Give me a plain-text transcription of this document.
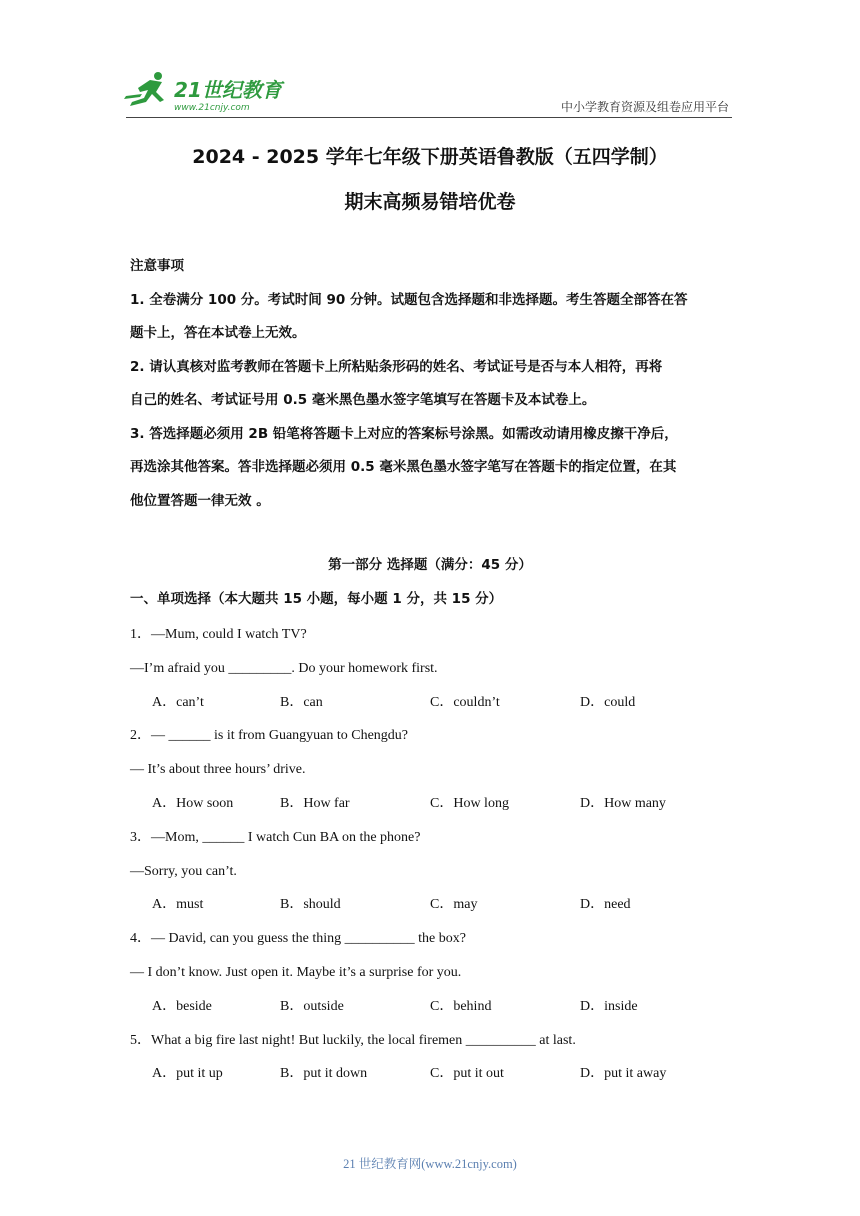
21世纪教育
www.21cnjy.com	中小学教育资源及组卷应用平台
2024 - 2025 学年七年级下册英语鲁教版（五四学制）
期末高频易错培优卷

注意事项

1. 全卷满分 100 分。考试时间 90 分钟。试题包含选择题和非选择题。考生答题全部答在答

题卡上，答在本试卷上无效。

2. 请认真核对监考教师在答题卡上所粘贴条形码的姓名、考试证号是否与本人相符，再将

自己的姓名、考试证号用 0.5 毫米黑色墨水签字笔填写在答题卡及本试卷上。

3. 答选择题必须用 2B 铅笔将答题卡上对应的答案标号涂黑。如需改动请用橡皮擦干净后，

再选涂其他答案。答非选择题必须用 0.5 毫米黑色墨水签字笔写在答题卡的指定位置，在其

他位置答题一律无效 。

第一部分 选择题（满分：45 分）
一、单项选择（本大题共 15 小题，每小题 1 分，共 15 分）
1．—Mum, could I watch TV?
—I’m afraid you _________. Do your homework first.
A．can’t	B．can	C．couldn’t	D．could
2．— ______ is it from Guangyuan to Chengdu?
— It’s about three hours’ drive.
A．How soon	B．How far	C．How long	D．How many
3．—Mom, ______ I watch Cun BA on the phone?
—Sorry, you can’t.
A．must	B．should	C．may	D．need
4．— David, can you guess the thing __________ the box?
— I don’t know. Just open it. Maybe it’s a surprise for you.
A．beside	B．outside	C．behind	D．inside
5．What a big fire last night! But luckily, the local firemen __________ at last.
A．put it up	B．put it down	C．put it out	D．put it away
21 世纪教育网(www.21cnjy.com)
